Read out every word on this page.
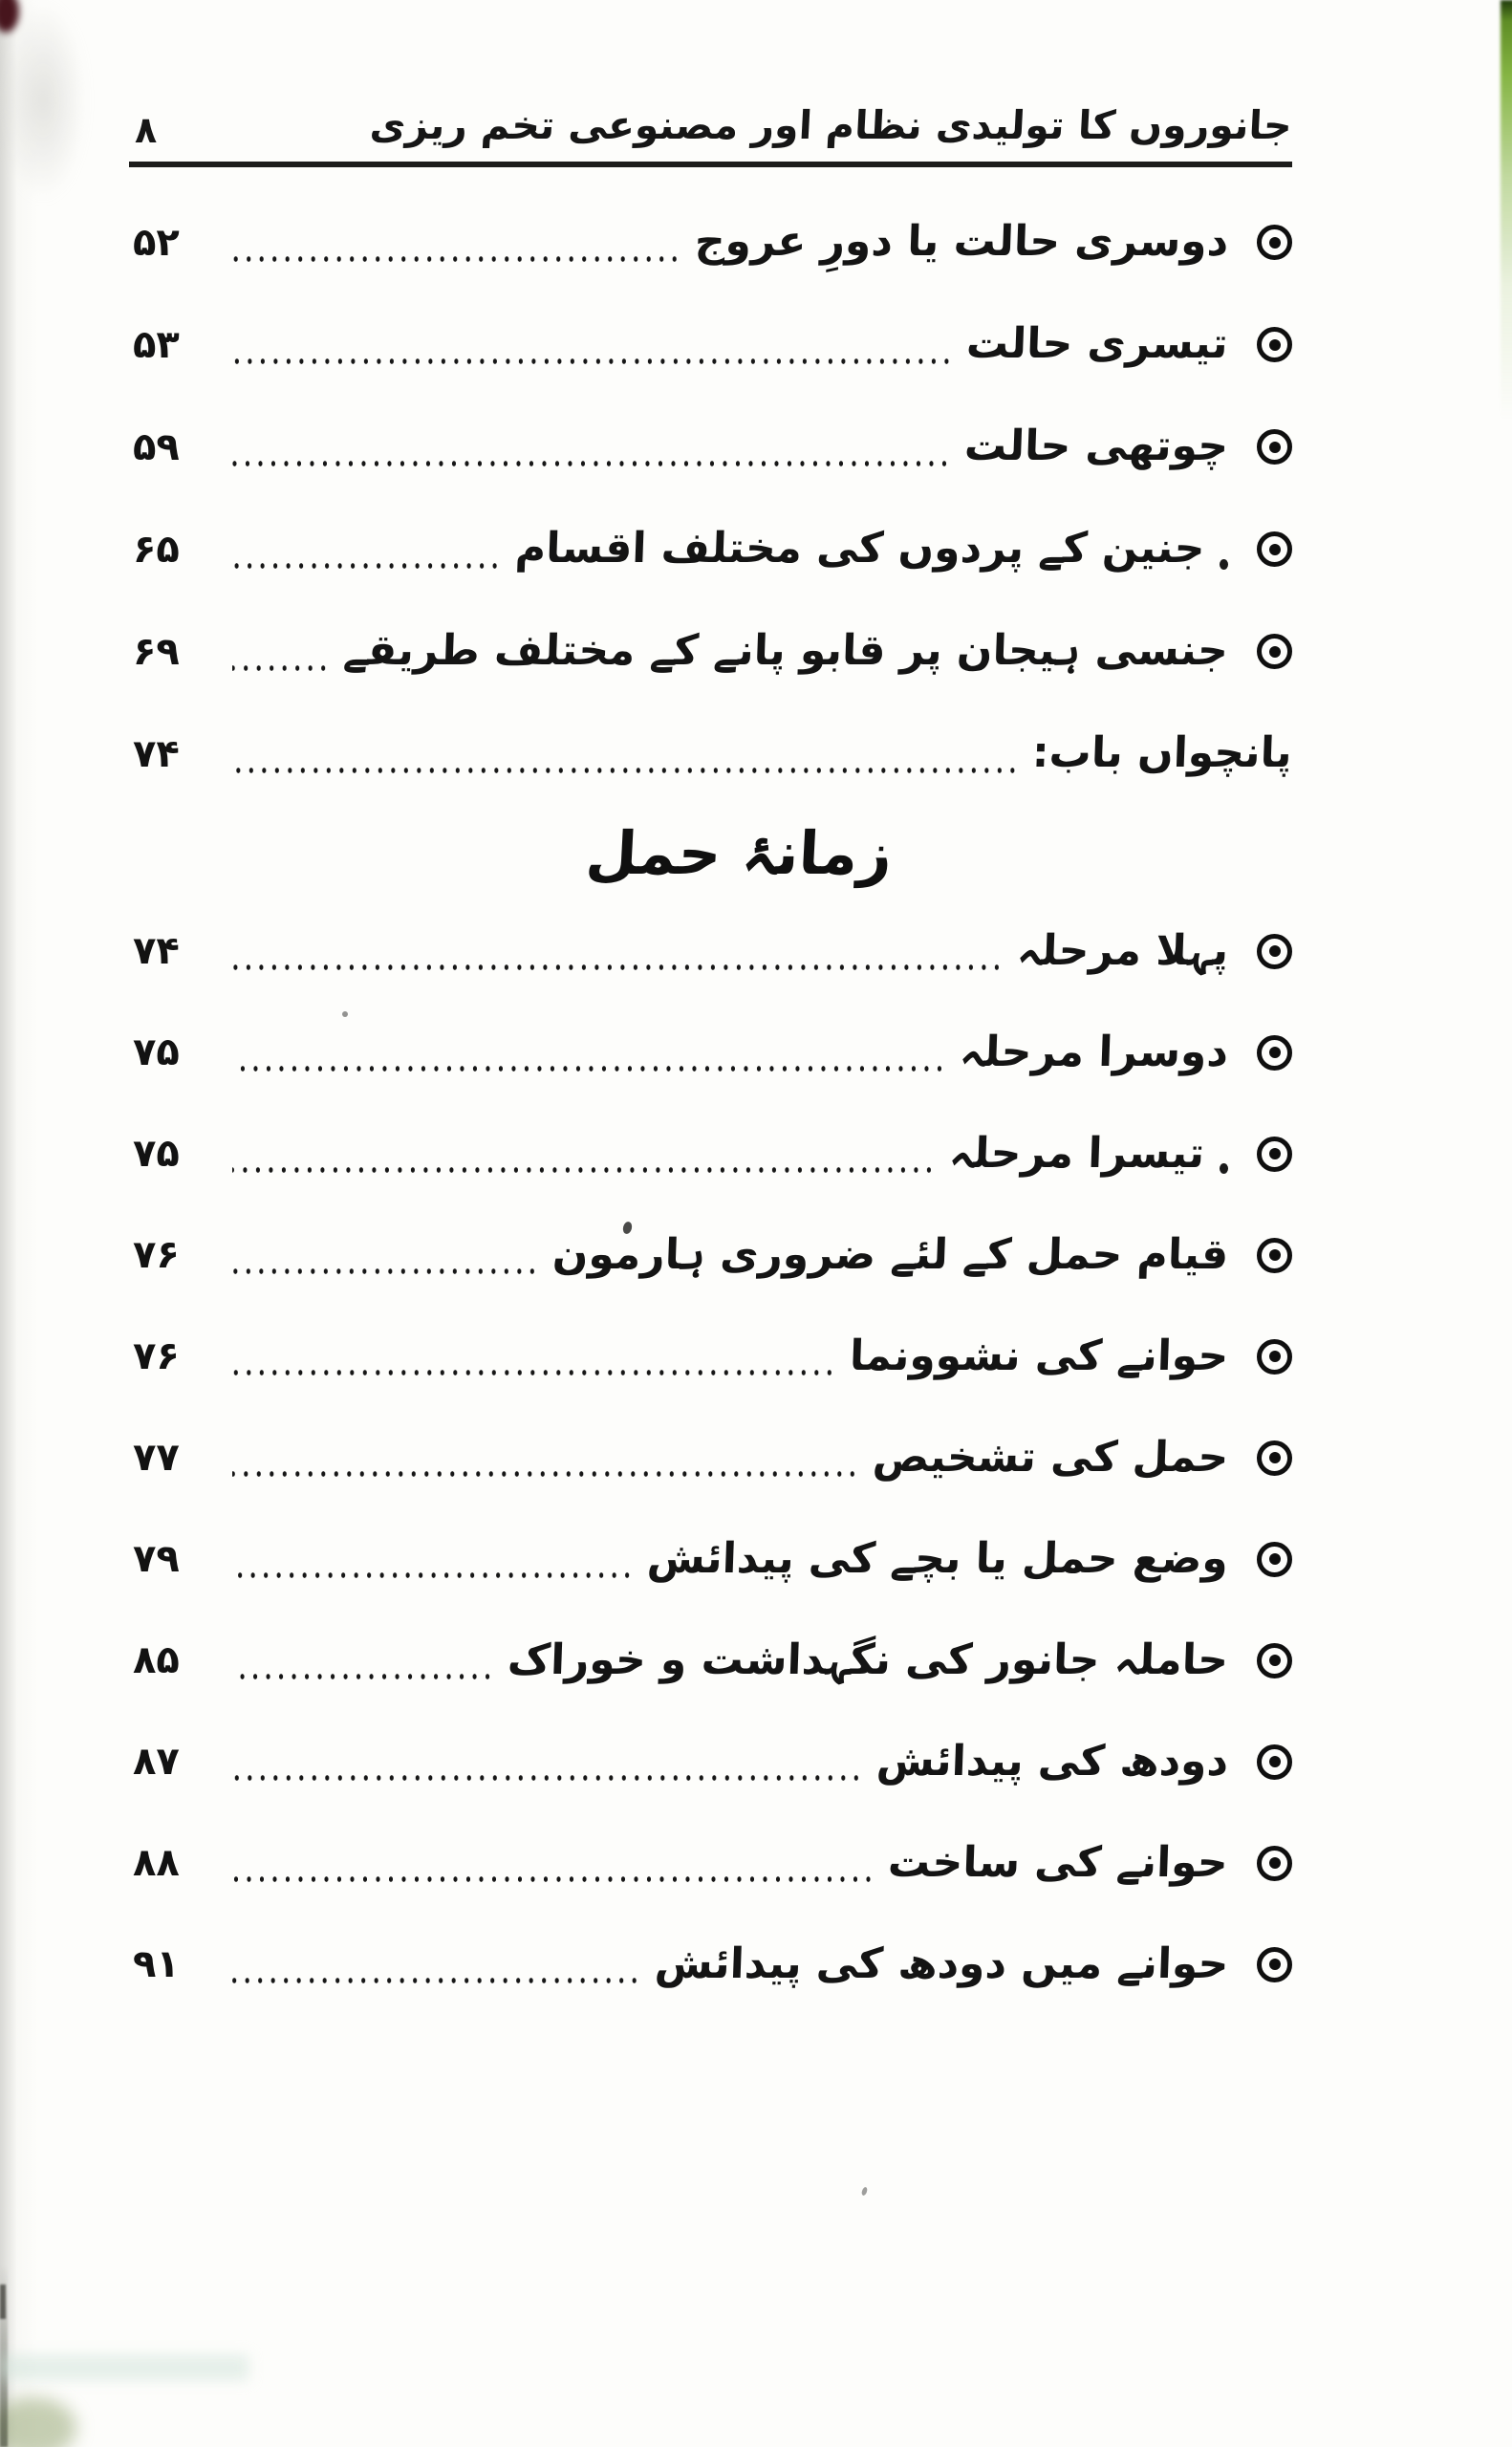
جانوروں کا تولیدی نظام اور مصنوعی تخم ریزی
۸
دوسری حالت یا دورِ عروج
۵۲
تیسری حالت
۵۳
چوتھی حالت
۵۹
جنین کے پردوں کی مختلف اقسام
۶۵
جنسی ہیجان پر قابو پانے کے مختلف طریقے
۶۹
پانچواں باب:
۷۴
زمانۂ حمل
پہلا مرحلہ
۷۴
دوسرا مرحلہ
۷۵
تیسرا مرحلہ
۷۵
قیام حمل کے لئے ضروری ہارمون
۷۶
حوانے کی نشوونما
۷۶
حمل کی تشخیص
۷۷
وضع حمل یا بچے کی پیدائش
۷۹
حاملہ جانور کی نگہداشت و خوراک
۸۵
دودھ کی پیدائش
۸۷
حوانے کی ساخت
۸۸
حوانے میں دودھ کی پیدائش
۹۱
